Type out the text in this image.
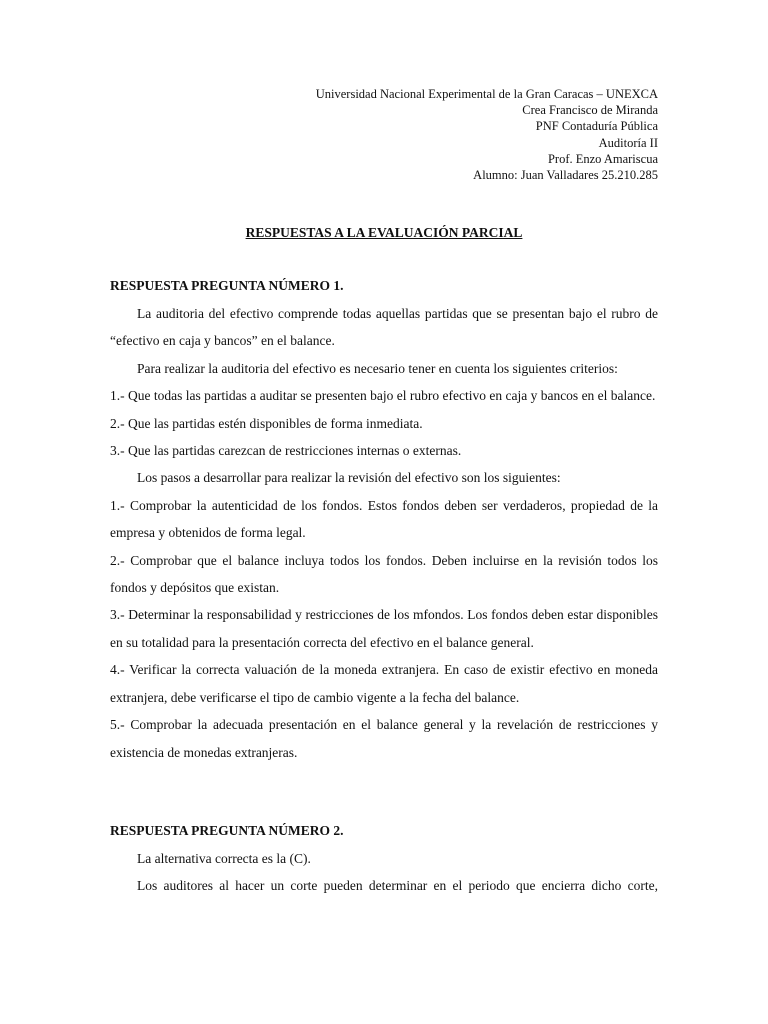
Universidad Nacional Experimental de la Gran Caracas – UNEXCA
Crea Francisco de Miranda
PNF Contaduría Pública
Auditoría II
Prof. Enzo Amariscua
Alumno: Juan Valladares 25.210.285
RESPUESTAS A LA EVALUACIÓN PARCIAL
RESPUESTA PREGUNTA NÚMERO 1.

La auditoria del efectivo comprende todas aquellas partidas que se presentan bajo el rubro de “efectivo en caja y bancos” en el balance.

Para realizar la auditoria del efectivo es necesario tener en cuenta los siguientes criterios:

1.- Que todas las partidas a auditar se presenten bajo el rubro efectivo en caja y bancos en el balance.

2.- Que las partidas estén disponibles de forma inmediata.

3.- Que las partidas carezcan de restricciones internas o externas.

Los pasos a desarrollar para realizar la revisión del efectivo son los siguientes:

1.- Comprobar la autenticidad de los fondos. Estos fondos deben ser verdaderos, propiedad de la empresa y obtenidos de forma legal.

2.- Comprobar que el balance incluya todos los fondos. Deben incluirse en la revisión todos los fondos y depósitos que existan.

3.- Determinar la responsabilidad y restricciones de los mfondos. Los fondos deben estar disponibles en su totalidad para la presentación correcta del efectivo en el balance general.

4.- Verificar la correcta valuación de la moneda extranjera. En caso de existir efectivo en moneda extranjera, debe verificarse el tipo de cambio vigente a la fecha del balance.

5.- Comprobar la adecuada presentación en el balance general y la revelación de restricciones y existencia de monedas extranjeras.

RESPUESTA PREGUNTA NÚMERO 2.

La alternativa correcta es la (C).

Los auditores al hacer un corte pueden determinar en el periodo que encierra dicho corte,
